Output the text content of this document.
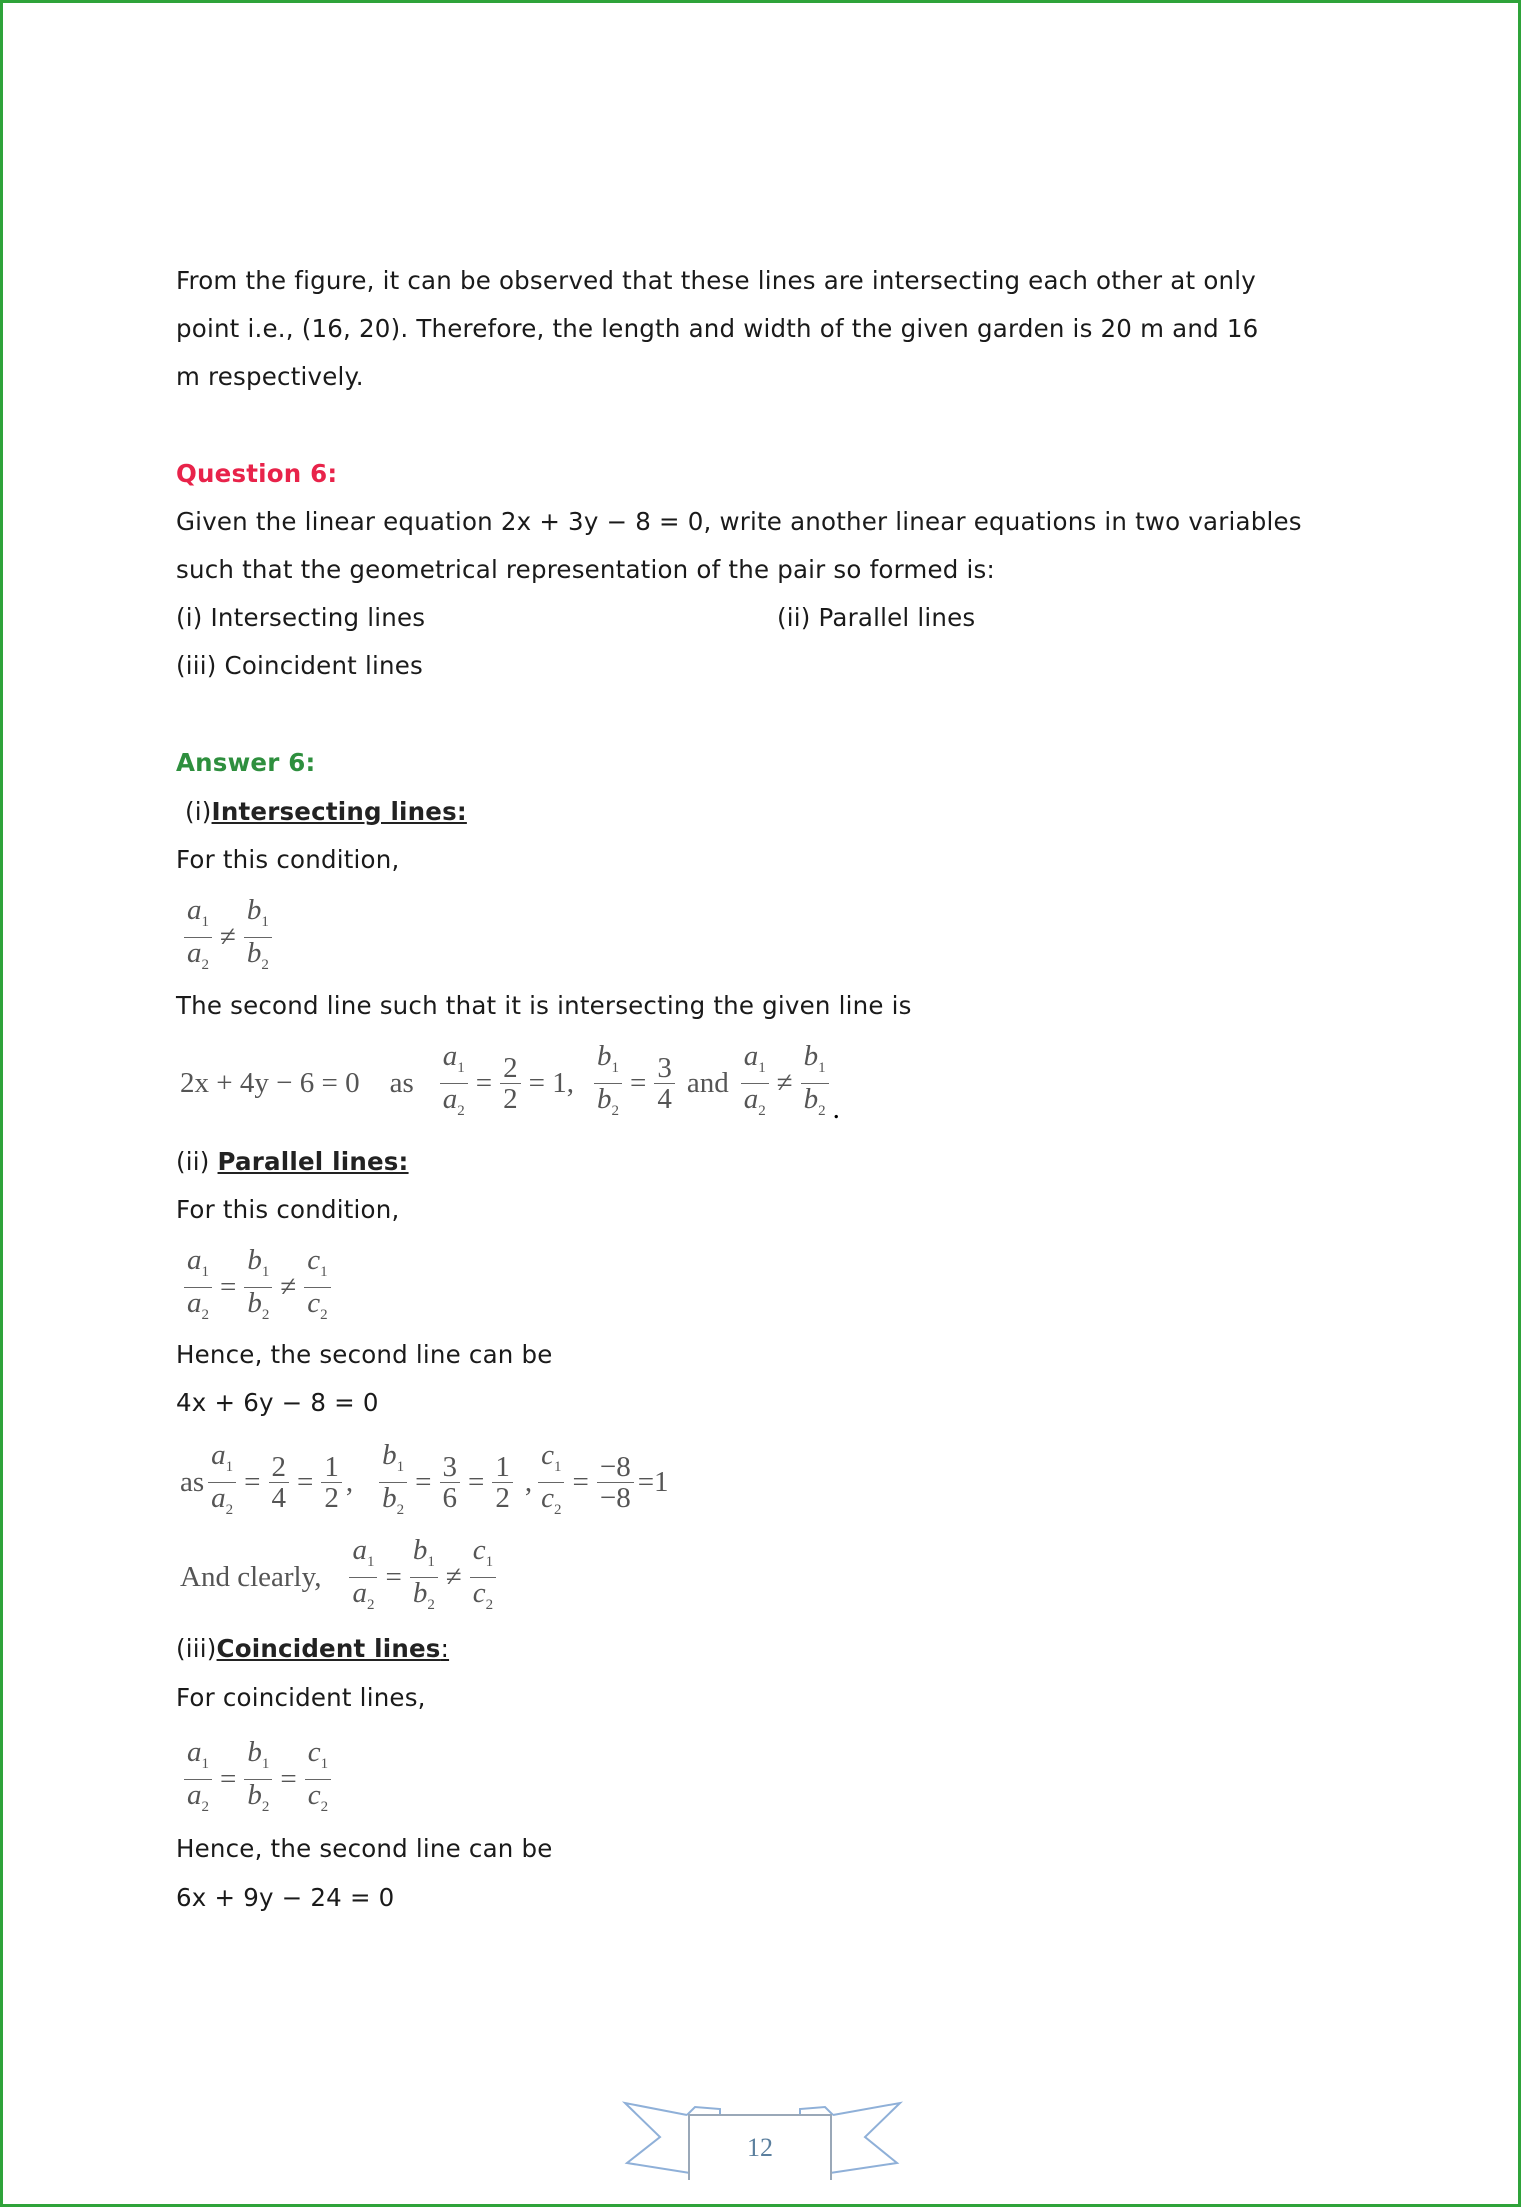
From the figure, it can be observed that these lines are intersecting each other at only
point i.e., (16, 20). Therefore, the length and width of the given garden is 20 m and 16
m respectively.
Question 6:
Given the linear equation 2x + 3y − 8 = 0, write another linear equations in two variables
such that the geometrical representation of the pair so formed is:
(i) Intersecting lines	(ii) Parallel lines
(iii) Coincident lines
Answer 6:
(i)Intersecting lines:
For this condition,
$\frac{a_1}{a_2} \ne \frac{b_1}{b_2}$
The second line such that it is intersecting the given line is
2x + 4y − 6 = 0 as $\frac{a_1}{a_2} = \frac{2}{2} = 1$, $\frac{b_1}{b_2} = \frac{3}{4}$ and $\frac{a_1}{a_2} \ne \frac{b_1}{b_2}$ .
(ii) Parallel lines:
For this condition,
$\frac{a_1}{a_2} = \frac{b_1}{b_2} \ne \frac{c_1}{c_2}$
Hence, the second line can be
4x + 6y − 8 = 0
as $\frac{a_1}{a_2} = \frac{2}{4} = \frac{1}{2}$ , $\frac{b_1}{b_2} = \frac{3}{6} = \frac{1}{2}$ , $\frac{c_1}{c_2} = \frac{-8}{-8} =1$
And clearly, $\frac{a_1}{a_2} = \frac{b_1}{b_2} \ne \frac{c_1}{c_2}$
(iii)Coincident lines:
For coincident lines,
$\frac{a_1}{a_2} = \frac{b_1}{b_2} = \frac{c_1}{c_2}$
Hence, the second line can be
6x + 9y − 24 = 0
12
